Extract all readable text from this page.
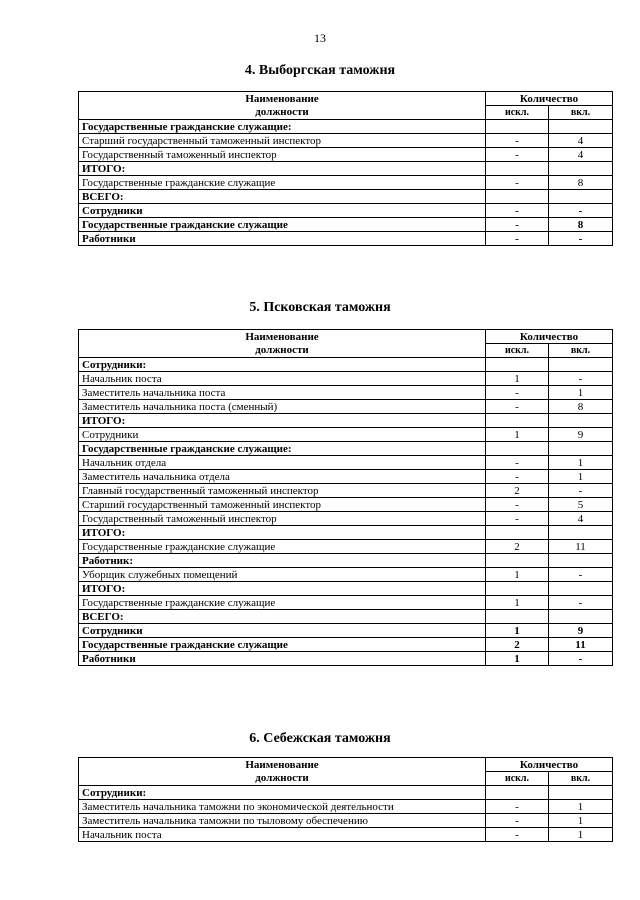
13
4. Выборгская таможня
Наименование
должности	Количество	
	искл.	вкл.
Государственные гражданские служащие:		
Старший государственный таможенный инспектор	-	4
Государственный таможенный инспектор	-	4
ИТОГО:		
Государственные гражданские служащие	-	8
ВСЕГО:		
Сотрудники	-	-
Государственные гражданские служащие	-	8
Работники	-	-
5. Псковская таможня
Наименование
должности	Количество	
	искл.	вкл.
Сотрудники:		
Начальник поста	1	-
Заместитель начальника поста	-	1
Заместитель начальника поста (сменный)	-	8
ИТОГО:		
Сотрудники	1	9
Государственные гражданские служащие:		
Начальник отдела	-	1
Заместитель начальника отдела	-	1
Главный государственный таможенный инспектор	2	-
Старший государственный таможенный инспектор	-	5
Государственный таможенный инспектор	-	4
ИТОГО:		
Государственные гражданские служащие	2	11
Работник:		
Уборщик служебных помещений	1	-
ИТОГО:		
Государственные гражданские служащие	1	-
ВСЕГО:		
Сотрудники	1	9
Государственные гражданские служащие	2	11
Работники	1	-
6. Себежская таможня
Наименование
должности	Количество	
	искл.	вкл.
Сотрудники:		
Заместитель начальника таможни по экономической деятельности	-	1
Заместитель начальника таможни по тыловому обеспечению	-	1
Начальник поста	-	1
